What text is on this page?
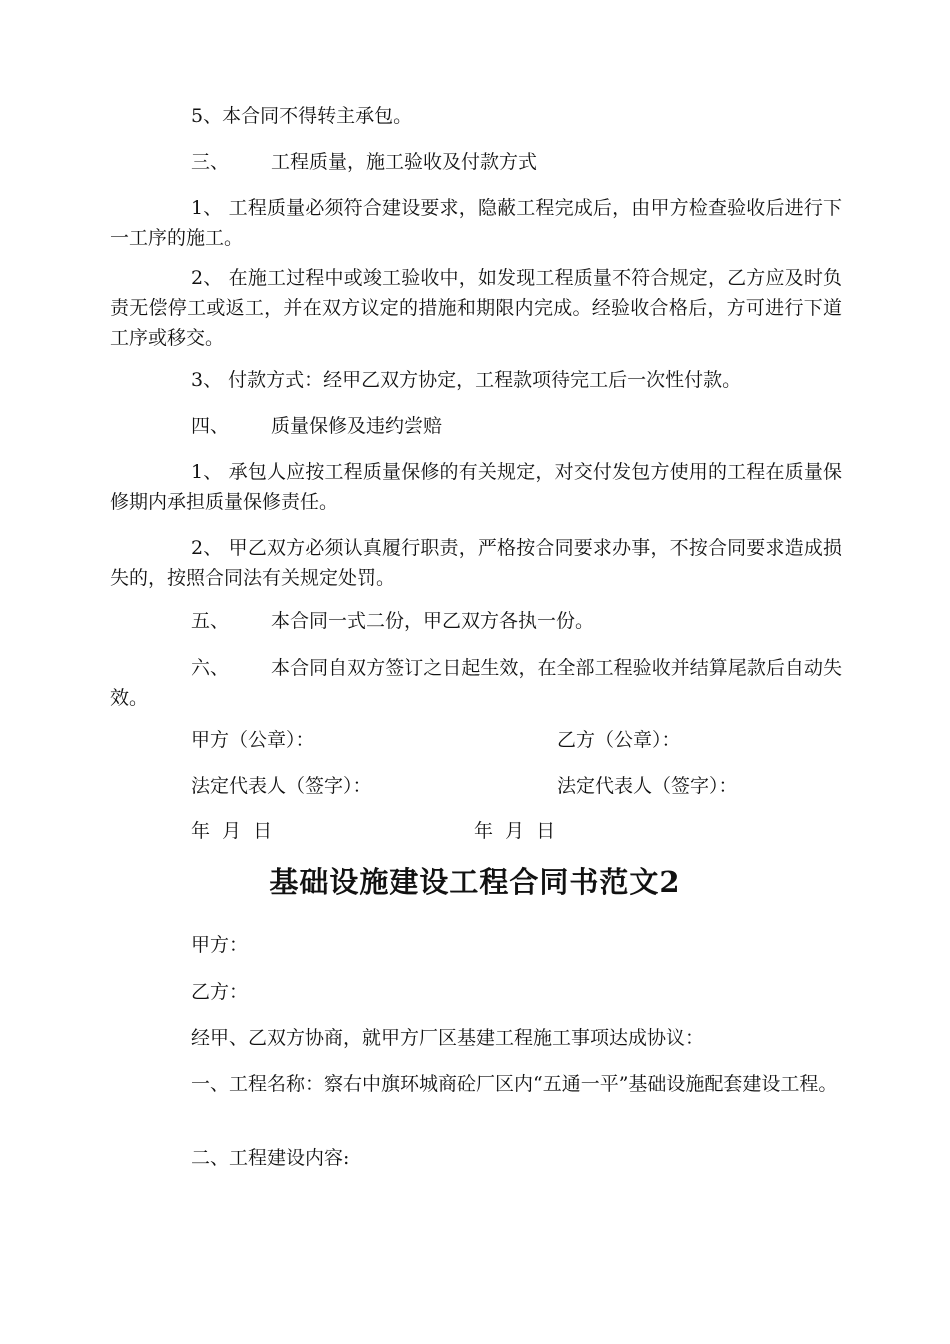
5、本合同不得转主承包。
三、 工程质量，施工验收及付款方式
1、 工程质量必须符合建设要求，隐蔽工程完成后，由甲方检查验收后进行下一工序的施工。
2、 在施工过程中或竣工验收中，如发现工程质量不符合规定，乙方应及时负责无偿停工或返工，并在双方议定的措施和期限内完成。经验收合格后，方可进行下道工序或移交。
3、 付款方式：经甲乙双方协定，工程款项待完工后一次性付款。
四、 质量保修及违约尝赔
1、 承包人应按工程质量保修的有关规定，对交付发包方使用的工程在质量保修期内承担质量保修责任。
2、 甲乙双方必须认真履行职责，严格按合同要求办事，不按合同要求造成损失的，按照合同法有关规定处罚。
五、 本合同一式二份，甲乙双方各执一份。
六、 本合同自双方签订之日起生效，在全部工程验收并结算尾款后自动失 效。
甲方（公章）：	乙方（公章）：
法定代表人（签字）：	法定代表人（签字）：
年  月  日	年  月  日
基础设施建设工程合同书范文2
甲方：
乙方：
经甲、乙双方协商，就甲方厂区基建工程施工事项达成协议：
一、工程名称：察右中旗环城商砼厂区内“五通一平”基础设施配套建设工程。
二、工程建设内容:
